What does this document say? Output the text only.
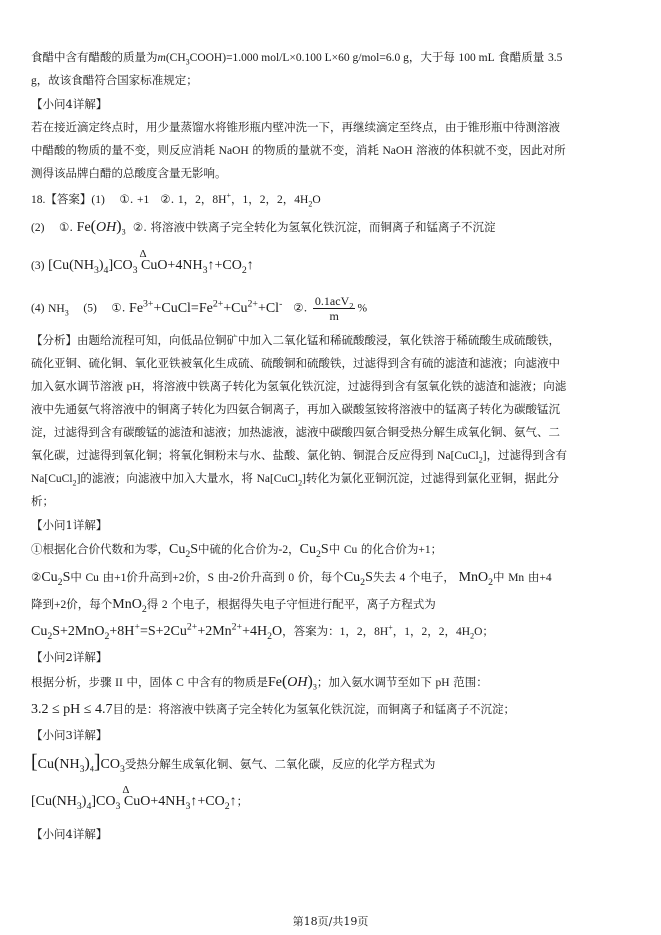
食醋中含有醋酸的质量为$m(CH_3COOH)=1.000$ mol/L×0.100 L×60 g/mol=6.0 g，大于每 100 mL 食醋质量 3.5
g，故该食醋符合国家标准规定；
【小问4详解】
若在接近滴定终点时，用少量蒸馏水将锥形瓶内壁冲洗一下，再继续滴定至终点，由于锥形瓶中待测溶液
中醋酸的物质的量不变，则反应消耗 NaOH 的物质的量就不变，消耗 NaOH 溶液的体积就不变，因此对所
测得该品牌白醋的总酸度含量无影响。
18.【答案】(1)    ①. +1   ②. 1，2，8H+，1，2，2，$4H_2O$
(2)    ①. $Fe(OH)_3$  ②. 将溶液中铁离子完全转化为氢氧化铁沉淀，而铜离子和锰离子不沉淀
(3) $[Cu(NH_3)_4]CO_3$
Δ
$CuO+4NH_3↑+CO_2↑$
(4) $NH_3$ (5)    ①. $Fe^{3+}+CuCl=Fe^{2+}+Cu^{2+}+Cl^-$   ②. $\frac{0.1acV_2}{m}$ %
【分析】由题给流程可知，向低品位铜矿中加入二氧化锰和稀硫酸酸浸，氧化铁溶于稀硫酸生成硫酸铁，
硫化亚铜、硫化铜、氧化亚铁被氧化生成硫、硫酸铜和硫酸铁，过滤得到含有硫的滤渣和滤液；向滤液中
加入氨水调节溶液 pH，将溶液中铁离子转化为氢氧化铁沉淀，过滤得到含有氢氧化铁的滤渣和滤液；向滤
液中先通氨气将溶液中的铜离子转化为四氨合铜离子，再加入碳酸氢铵将溶液中的锰离子转化为碳酸锰沉
淀，过滤得到含有碳酸锰的滤渣和滤液；加热滤液，滤液中碳酸四氨合铜受热分解生成氧化铜、氨气、二
氧化碳，过滤得到氧化铜；将氧化铜粉末与水、盐酸、氯化钠、铜混合反应得到 Na[CuCl$_2$]，过滤得到含有
Na[CuCl$_2$]的滤液；向滤液中加入大量水，将 Na[CuCl$_2$]转化为氯化亚铜沉淀，过滤得到氯化亚铜，据此分
析；
【小问1详解】
①根据化合价代数和为零，$Cu_2S$中硫的化合价为-2，$Cu_2S$中 Cu 的化合价为+1；
$②Cu_2S$中 Cu 由+1价升高到+2价，S 由-2价升高到 0 价，每个$Cu_2S$失去 4 个电子， MnO$_2$中 Mn 由+4
降到+2价，每个MnO$_2$得 2 个电子，根据得失电子守恒进行配平，离子方程式为
$Cu_2S+2MnO_2+8H^+=S+2Cu^{2+}+2Mn^{2+}+4H_2O$，答案为：1，2，8H+，1，2，2，$4H_2O$；
【小问2详解】
根据分析，步骤 II 中，固体 C 中含有的物质是$Fe(OH)_3$；加入氨水调节至如下 pH 范围：
3.2 ≤ pH ≤ 4.7目的是：将溶液中铁离子完全转化为氢氧化铁沉淀，而铜离子和锰离子不沉淀；
【小问3详解】
$[Cu(NH_3)_4]CO_3$受热分解生成氧化铜、氨气、二氧化碳，反应的化学方程式为
$[Cu(NH_3)_4]CO_3$
Δ
$CuO+4NH_3↑+CO_2↑$；
【小问4详解】
第18页/共19页
